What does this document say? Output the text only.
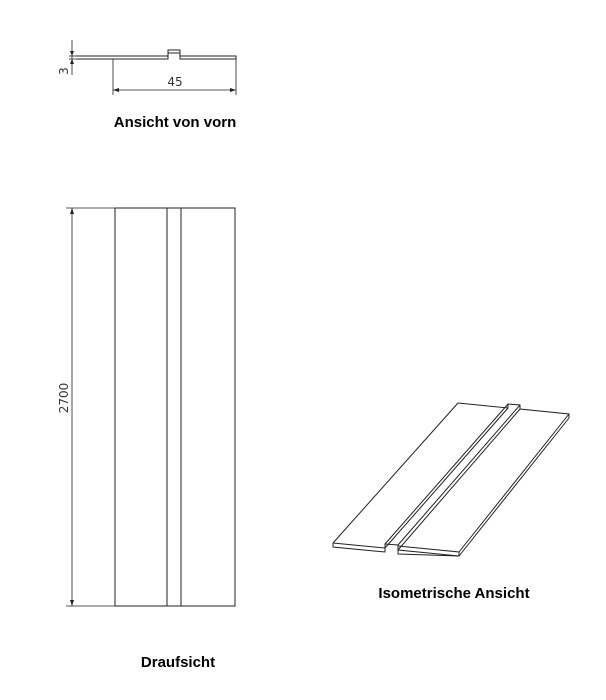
3
45
Ansicht von vorn
2700
Draufsicht
Isometrische Ansicht
